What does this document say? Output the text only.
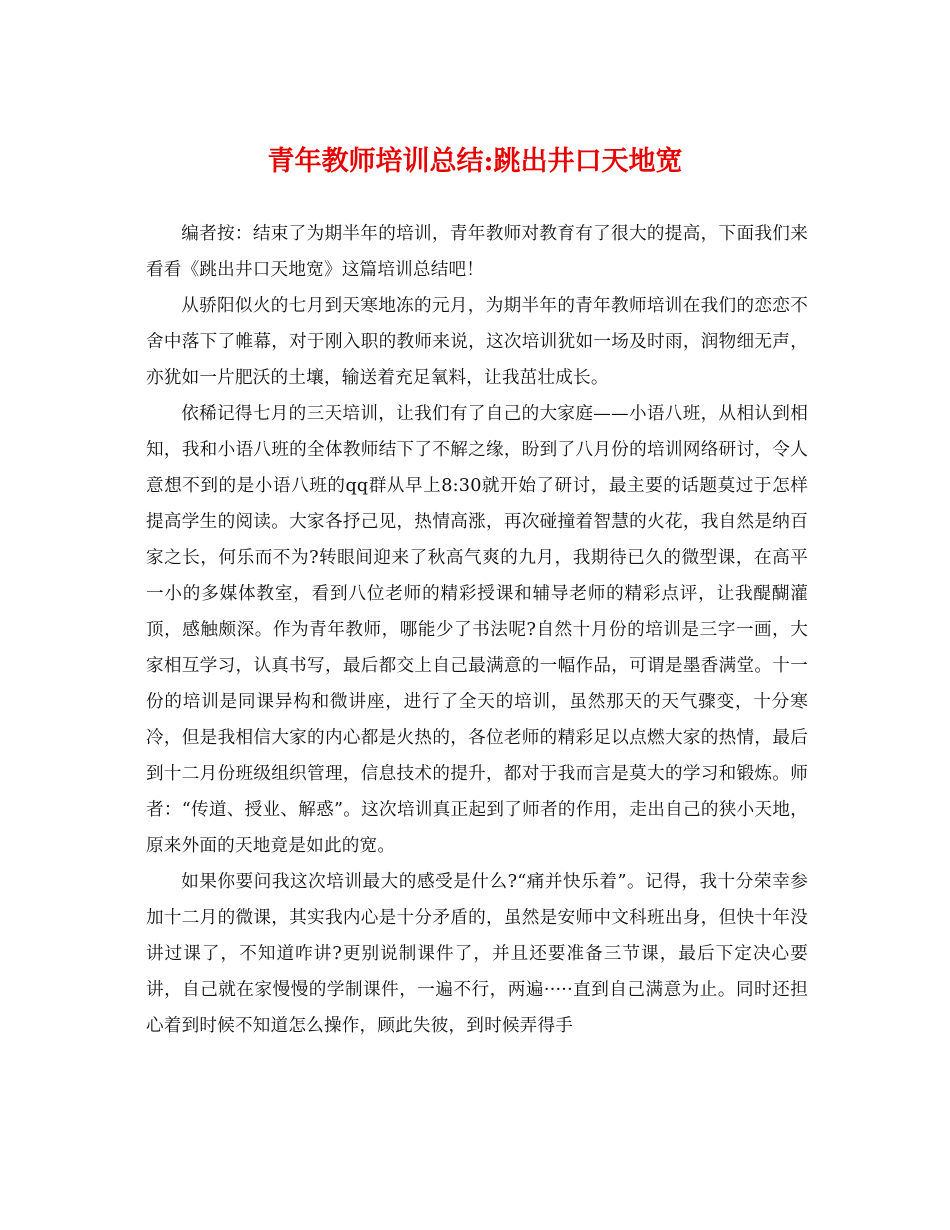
青年教师培训总结:跳出井口天地宽

编者按：结束了为期半年的培训，青年教师对教育有了很大的提高，下面我们来看看《跳出井口天地宽》这篇培训总结吧！

从骄阳似火的七月到天寒地冻的元月，为期半年的青年教师培训在我们的恋恋不舍中落下了帷幕，对于刚入职的教师来说，这次培训犹如一场及时雨，润物细无声，亦犹如一片肥沃的土壤，输送着充足氧料，让我茁壮成长。

依稀记得七月的三天培训，让我们有了自己的大家庭——小语八班，从相认到相知，我和小语八班的全体教师结下了不解之缘，盼到了八月份的培训网络研讨，令人意想不到的是小语八班的qq群从早上8:30就开始了研讨，最主要的话题莫过于怎样提高学生的阅读。大家各抒己见，热情高涨，再次碰撞着智慧的火花，我自然是纳百家之长，何乐而不为?转眼间迎来了秋高气爽的九月，我期待已久的微型课，在高平一小的多媒体教室，看到八位老师的精彩授课和辅导老师的精彩点评，让我醍醐灌顶，感触颇深。作为青年教师，哪能少了书法呢?自然十月份的培训是三字一画，大家相互学习，认真书写，最后都交上自己最满意的一幅作品，可谓是墨香满堂。十一份的培训是同课异构和微讲座，进行了全天的培训，虽然那天的天气骤变，十分寒冷，但是我相信大家的内心都是火热的，各位老师的精彩足以点燃大家的热情，最后到十二月份班级组织管理，信息技术的提升，都对于我而言是莫大的学习和锻炼。师者：“传道、授业、解惑”。这次培训真正起到了师者的作用，走出自己的狭小天地，原来外面的天地竟是如此的宽。

如果你要问我这次培训最大的感受是什么?“痛并快乐着”。记得，我十分荣幸参加十二月的微课，其实我内心是十分矛盾的，虽然是安师中文科班出身，但快十年没讲过课了，不知道咋讲?更别说制课件了，并且还要准备三节课，最后下定决心要讲，自己就在家慢慢的学制课件，一遍不行，两遍·····直到自己满意为止。同时还担心着到时候不知道怎么操作，顾此失彼，到时候弄得手
